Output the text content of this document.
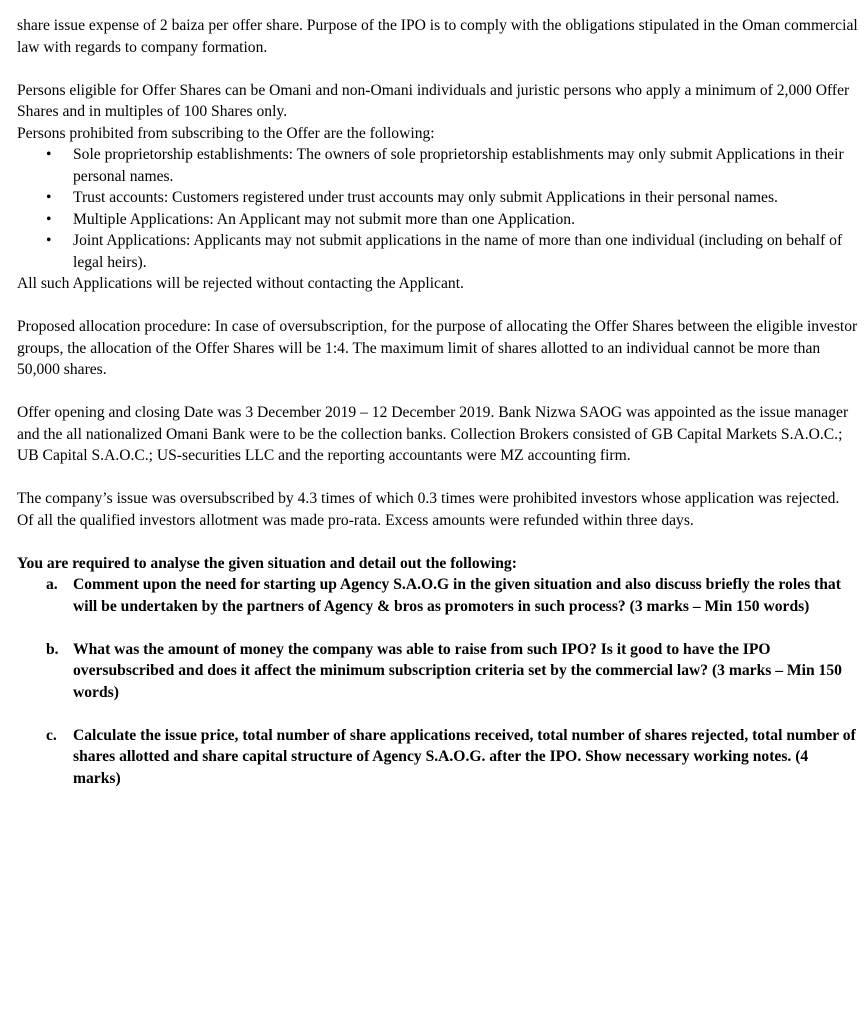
share issue expense of 2 baiza per offer share. Purpose of the IPO is to comply with the obligations stipulated in the Oman commercial law with regards to company formation.

Persons eligible for Offer Shares can be Omani and non-Omani individuals and juristic persons who apply a minimum of 2,000 Offer Shares and in multiples of 100 Shares only.

Persons prohibited from subscribing to the Offer are the following:

• Sole proprietorship establishments: The owners of sole proprietorship establishments may only submit Applications in their personal names.
• Trust accounts: Customers registered under trust accounts may only submit Applications in their personal names.
• Multiple Applications: An Applicant may not submit more than one Application.
• Joint Applications: Applicants may not submit applications in the name of more than one individual (including on behalf of legal heirs).

All such Applications will be rejected without contacting the Applicant.

Proposed allocation procedure: In case of oversubscription, for the purpose of allocating the Offer Shares between the eligible investor groups, the allocation of the Offer Shares will be 1:4. The maximum limit of shares allotted to an individual cannot be more than 50,000 shares.

Offer opening and closing Date was 3 December 2019 – 12 December 2019. Bank Nizwa SAOG was appointed as the issue manager and the all nationalized Omani Bank were to be the collection banks. Collection Brokers consisted of GB Capital Markets S.A.O.C.; UB Capital S.A.O.C.; US-securities LLC and the reporting accountants were MZ accounting firm.

The company’s issue was oversubscribed by 4.3 times of which 0.3 times were prohibited investors whose application was rejected. Of all the qualified investors allotment was made pro-rata. Excess amounts were refunded within three days.

You are required to analyse the given situation and detail out the following:

a. Comment upon the need for starting up Agency S.A.O.G in the given situation and also discuss briefly the roles that will be undertaken by the partners of Agency & bros as promoters in such process? (3 marks – Min 150 words)
b. What was the amount of money the company was able to raise from such IPO? Is it good to have the IPO oversubscribed and does it affect the minimum subscription criteria set by the commercial law? (3 marks – Min 150 words)
c. Calculate the issue price, total number of share applications received, total number of shares rejected, total number of shares allotted and share capital structure of Agency S.A.O.G. after the IPO. Show necessary working notes. (4 marks)
